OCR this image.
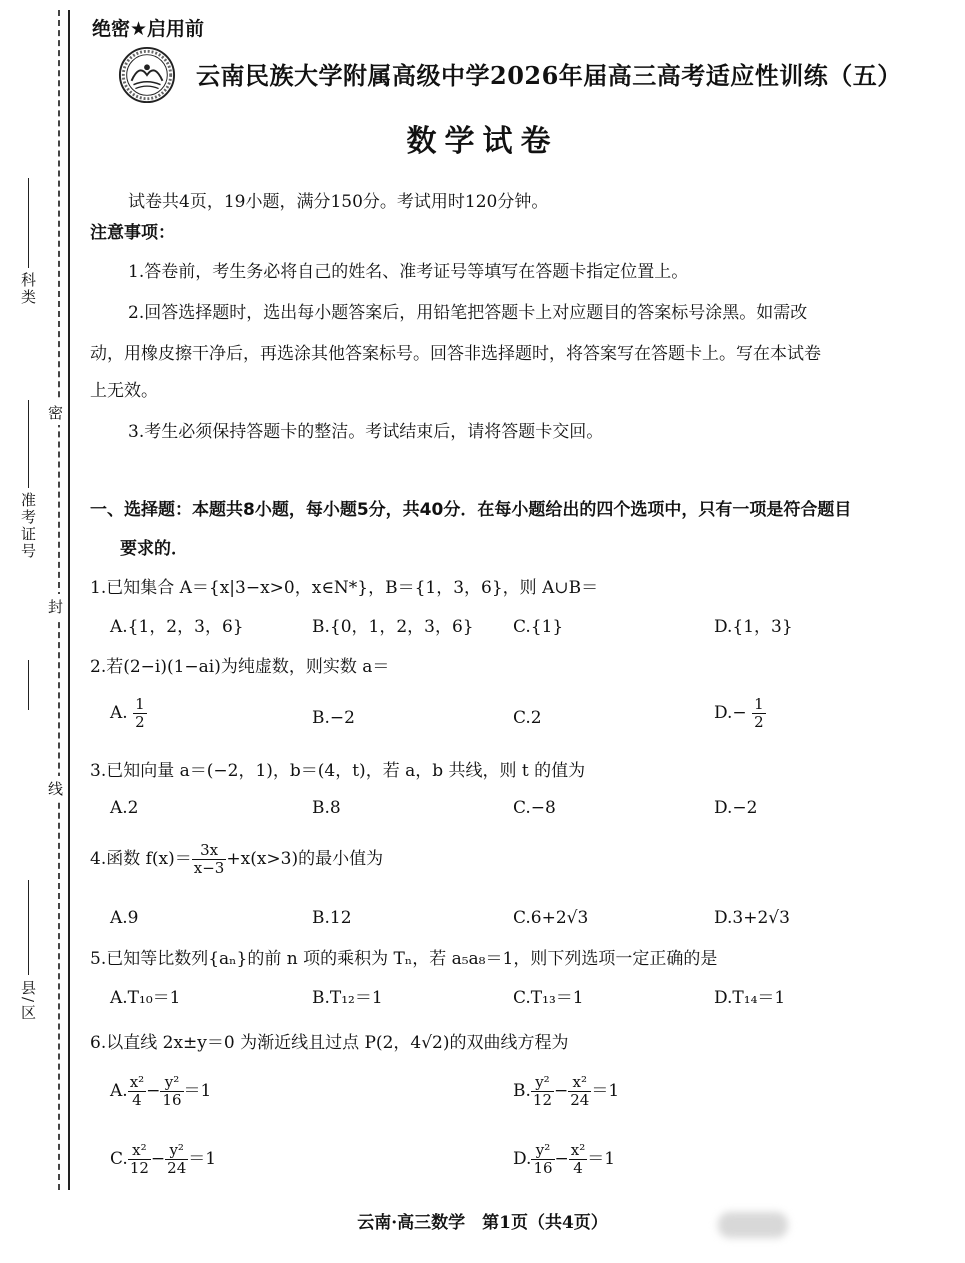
科类
准考证号
县/区
密
封
线
绝密★启用前
云南民族大学附属高级中学2026年届高三高考适应性训练（五）
数学试卷
试卷共4页，19小题，满分150分。考试用时120分钟。
注意事项：
1.答卷前，考生务必将自己的姓名、准考证号等填写在答题卡指定位置上。
2.回答选择题时，选出每小题答案后，用铅笔把答题卡上对应题目的答案标号涂黑。如需改
动，用橡皮擦干净后，再选涂其他答案标号。回答非选择题时，将答案写在答题卡上。写在本试卷
上无效。
3.考生必须保持答题卡的整洁。考试结束后，请将答题卡交回。
一、选择题：本题共8小题，每小题5分，共40分．在每小题给出的四个选项中，只有一项是符合题目
要求的．
1.已知集合 A＝{x|3−x>0，x∈N*}，B＝{1，3，6}，则 A∪B＝
A.{1，2，3，6}	B.{0，1，2，3，6} C.{1}	D.{1，3}
2.若(2−i)(1−ai)为纯虚数，则实数 a＝
A. $\frac{1}{2}$	B.−2	C.2	$D.- \frac{1}{2}$
3.已知向量 a＝(−2，1)，b＝(4，t)，若 a，b 共线，则 t 的值为
A.2	B.8	C.−8	D.−2
4.函数 $f(x)= \frac{3x}{x-3} +x(x>3)$的最小值为
A.9	B.12	C.6+2√3	D.3+2√3
5.已知等比数列{aₙ}的前 n 项的乘积为 Tₙ，若 a₅a₈＝1，则下列选项一定正确的是
A.T₁₀＝1	B.T₁₂＝1	C.T₁₃＝1	D.T₁₄＝1
6.以直线 2x±y＝0 为渐近线且过点 P(2，4√2)的双曲线方程为
A. $\frac{\text{x²}}{4} - \frac{\text{y²}}{16} =1$	B. $\frac{\text{y²}}{12} - \frac{\text{x²}}{24} =1$
C. $\frac{\text{x²}}{12} - \frac{\text{y²}}{24} =1$	D. $\frac{\text{y²}}{16} - \frac{\text{x²}}{4} =1$
云南·高三数学　第1页（共4页）
